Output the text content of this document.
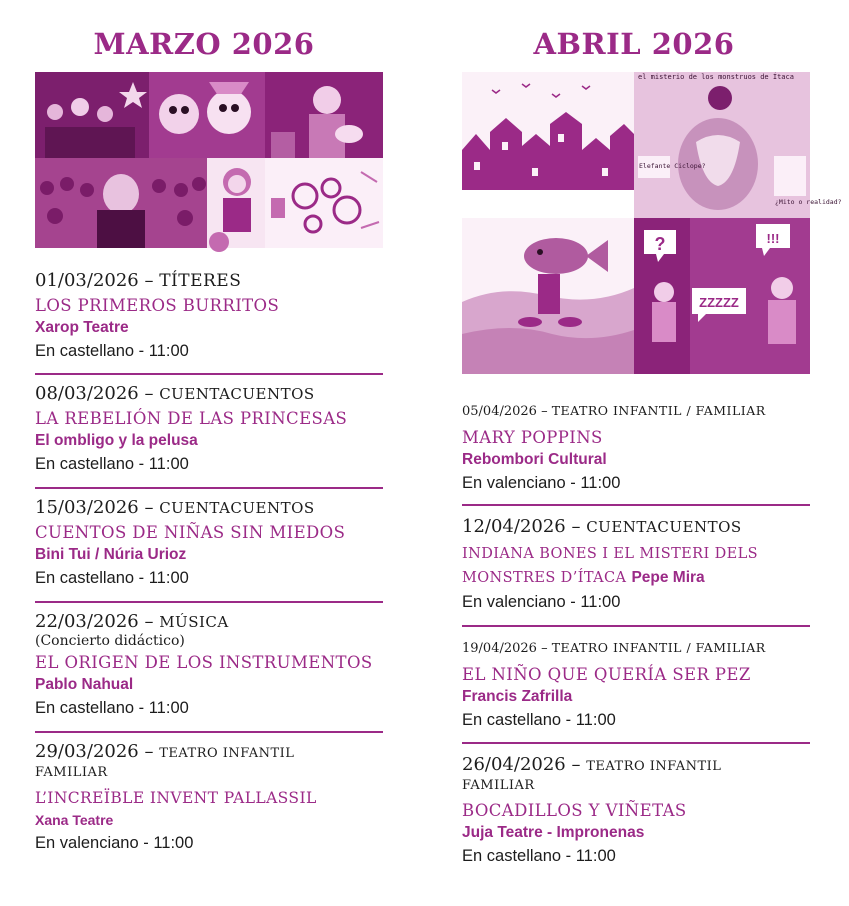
MARZO 2026
01/03/2026 – TÍTERES
LOS PRIMEROS BURRITOS
Xarop Teatre
En castellano - 11:00
08/03/2026 – CUENTACUENTOS
LA REBELIÓN DE LAS PRINCESAS
El ombligo y la pelusa
En castellano - 11:00
15/03/2026 – CUENTACUENTOS
CUENTOS DE NIÑAS SIN MIEDOS
Bini Tui / Núria Urioz
En castellano - 11:00
22/03/2026 – MÚSICA
(Concierto didáctico)
EL ORIGEN DE LOS INSTRUMENTOS
Pablo Nahual
En castellano - 11:00
29/03/2026 – TEATRO INFANTIL
FAMILIAR
L’INCREÏBLE INVENT PALLASSIL
Xana Teatre
En valenciano - 11:00
ABRIL 2026
el misterio de los monstruos de Ítaca
Elefante Ciclope?
¿Mito o realidad?
?	!!!
ZZZZZ
05/04/2026 – TEATRO INFANTIL / FAMILIAR
MARY POPPINS
Rebombori Cultural
En valenciano - 11:00
12/04/2026 – CUENTACUENTOS
INDIANA BONES I EL MISTERI DELS
MONSTRES D’ÍTACA Pepe Mira
En valenciano - 11:00
19/04/2026 – TEATRO INFANTIL / FAMILIAR
EL NIÑO QUE QUERÍA SER PEZ
Francis Zafrilla
En castellano - 11:00
26/04/2026 – TEATRO INFANTIL
FAMILIAR
BOCADILLOS Y VIÑETAS
Juja Teatre - Impronenas
En castellano - 11:00
